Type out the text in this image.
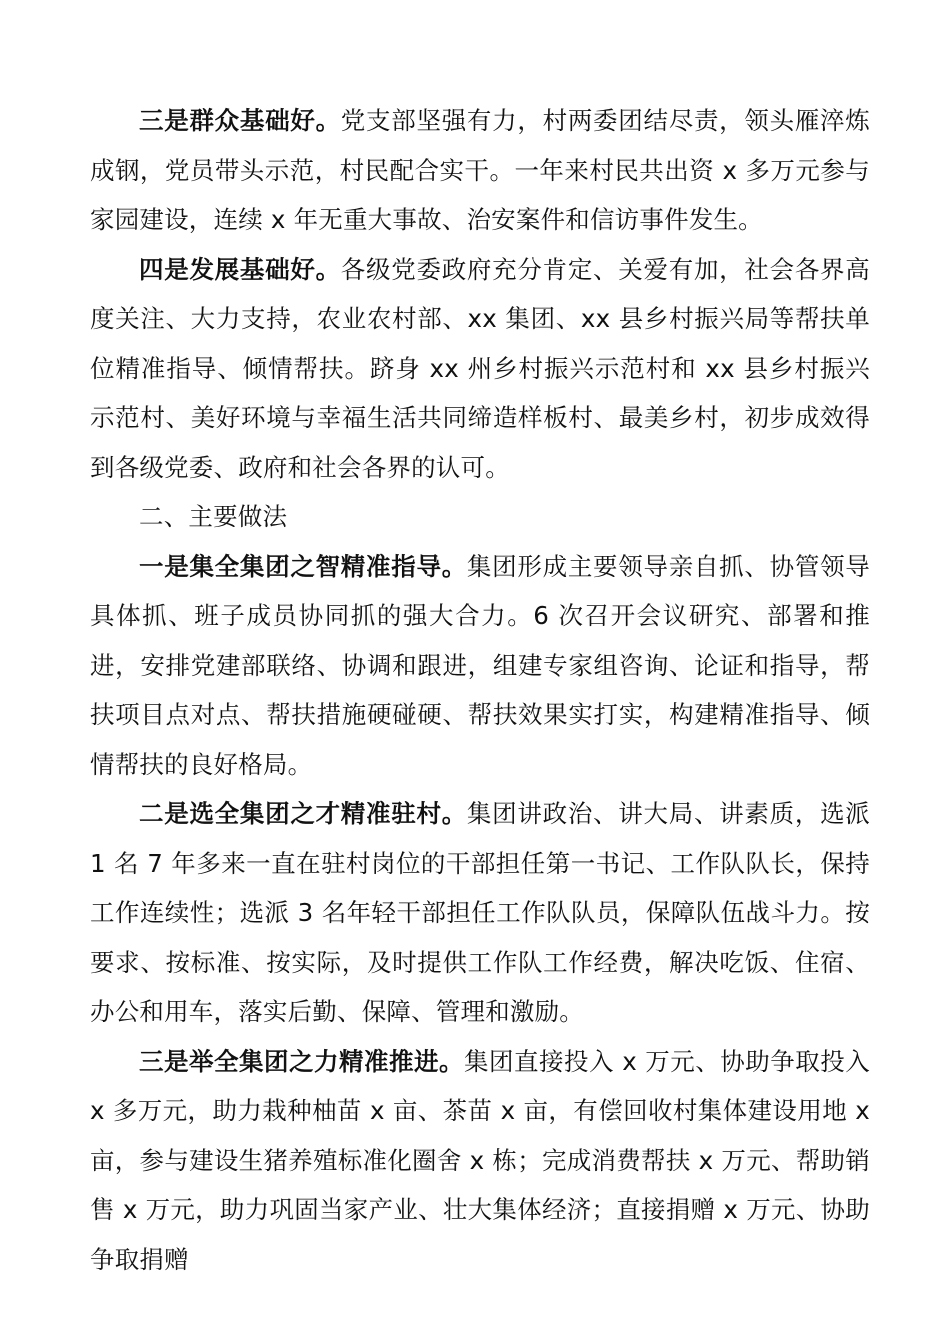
三是群众基础好。党支部坚强有力，村两委团结尽责，领头雁淬炼成钢，党员带头示范，村民配合实干。一年来村民共出资 x 多万元参与家园建设，连续 x 年无重大事故、治安案件和信访事件发生。

四是发展基础好。各级党委政府充分肯定、关爱有加，社会各界高度关注、大力支持，农业农村部、xx 集团、xx 县乡村振兴局等帮扶单位精准指导、倾情帮扶。跻身 xx 州乡村振兴示范村和 xx 县乡村振兴示范村、美好环境与幸福生活共同缔造样板村、最美乡村，初步成效得到各级党委、政府和社会各界的认可。

二、主要做法

一是集全集团之智精准指导。集团形成主要领导亲自抓、协管领导具体抓、班子成员协同抓的强大合力。6 次召开会议研究、部署和推进，安排党建部联络、协调和跟进，组建专家组咨询、论证和指导，帮扶项目点对点、帮扶措施硬碰硬、帮扶效果实打实，构建精准指导、倾情帮扶的良好格局。

二是选全集团之才精准驻村。集团讲政治、讲大局、讲素质，选派 1 名 7 年多来一直在驻村岗位的干部担任第一书记、工作队队长，保持工作连续性；选派 3 名年轻干部担任工作队队员，保障队伍战斗力。按要求、按标准、按实际，及时提供工作队工作经费，解决吃饭、住宿、办公和用车，落实后勤、保障、管理和激励。

三是举全集团之力精准推进。集团直接投入 x 万元、协助争取投入 x 多万元，助力栽种柚苗 x 亩、茶苗 x 亩，有偿回收村集体建设用地 x 亩，参与建设生猪养殖标准化圈舍 x 栋；完成消费帮扶 x 万元、帮助销售 x 万元，助力巩固当家产业、壮大集体经济；直接捐赠 x 万元、协助争取捐赠
